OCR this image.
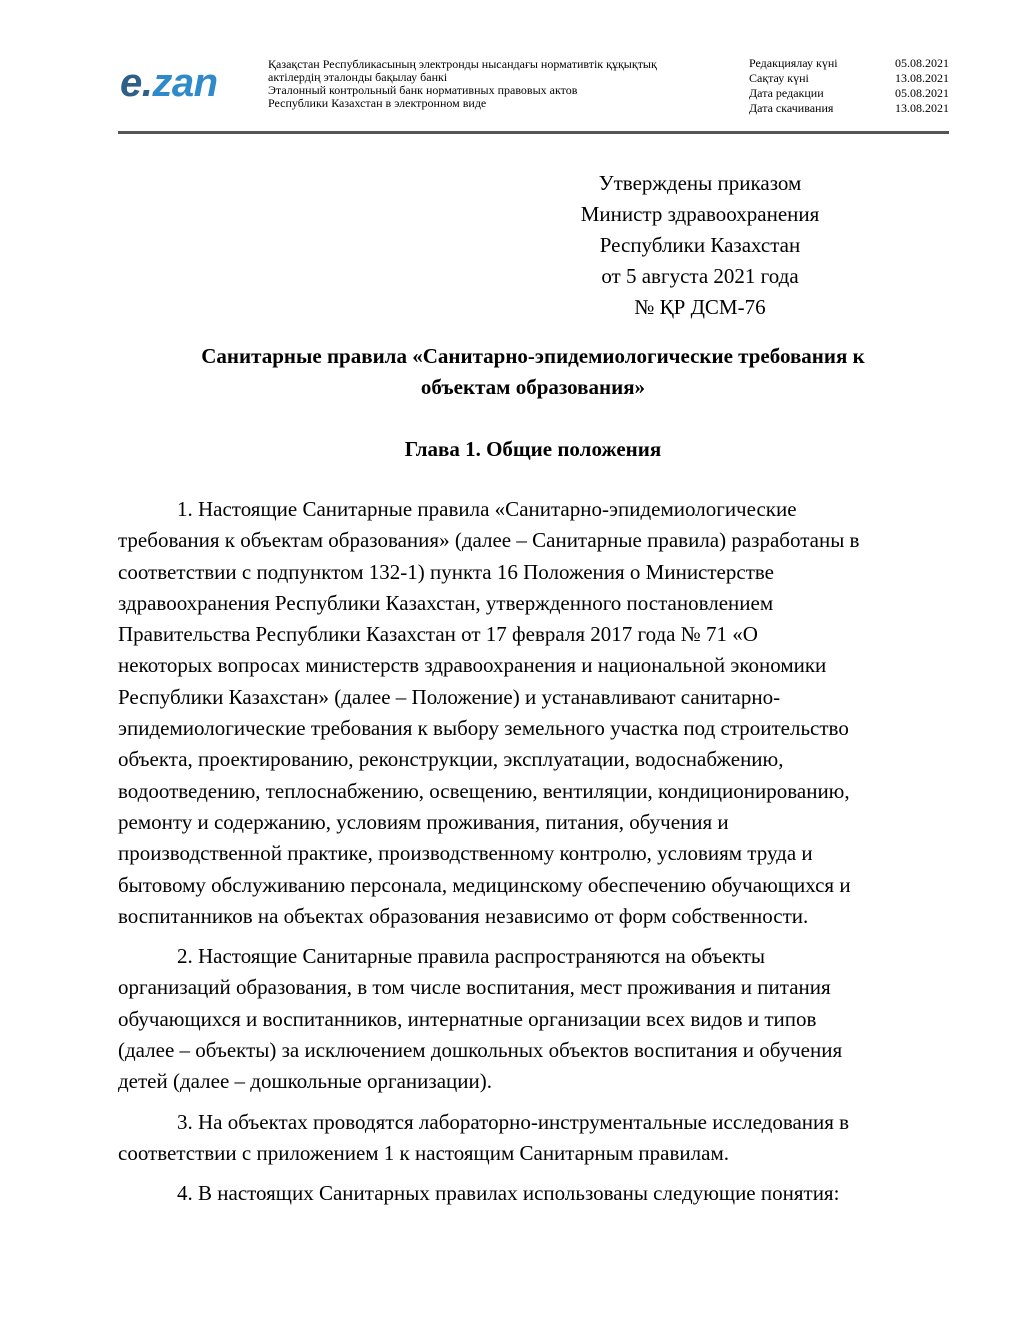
e.zan	Қазақстан Республикасының электронды нысандағы нормативтік құқықтық
актілердің эталонды бақылау банкі
Эталонный контрольный банк нормативных правовых актов
Республики Казахстан в электронном виде
Редакциялау күні	05.08.2021
Сақтау күні	13.08.2021
Дата редакции	05.08.2021
Дата скачивания	13.08.2021
Утверждены приказом
Министр здравоохранения
Республики Казахстан
от 5 августа 2021 года
№ ҚР ДСМ-76
Санитарные правила «Санитарно-эпидемиологические требования к
объектам образования»
Глава 1. Общие положения
1. Настоящие Санитарные правила «Санитарно-эпидемиологические
требования к объектам образования» (далее – Санитарные правила) разработаны в
соответствии с подпунктом 132-1) пункта 16 Положения о Министерстве
здравоохранения Республики Казахстан, утвержденного постановлением
Правительства Республики Казахстан от 17 февраля 2017 года № 71 «О
некоторых вопросах министерств здравоохранения и национальной экономики
Республики Казахстан» (далее – Положение) и устанавливают санитарно-
эпидемиологические требования к выбору земельного участка под строительство
объекта, проектированию, реконструкции, эксплуатации, водоснабжению,
водоотведению, теплоснабжению, освещению, вентиляции, кондиционированию,
ремонту и содержанию, условиям проживания, питания, обучения и
производственной практике, производственному контролю, условиям труда и
бытовому обслуживанию персонала, медицинскому обеспечению обучающихся и
воспитанников на объектах образования независимо от форм собственности.
2. Настоящие Санитарные правила распространяются на объекты
организаций образования, в том числе воспитания, мест проживания и питания
обучающихся и воспитанников, интернатные организации всех видов и типов
(далее – объекты) за исключением дошкольных объектов воспитания и обучения
детей (далее – дошкольные организации).
3. На объектах проводятся лабораторно-инструментальные исследования в
соответствии с приложением 1 к настоящим Санитарным правилам.
4. В настоящих Санитарных правилах использованы следующие понятия:
